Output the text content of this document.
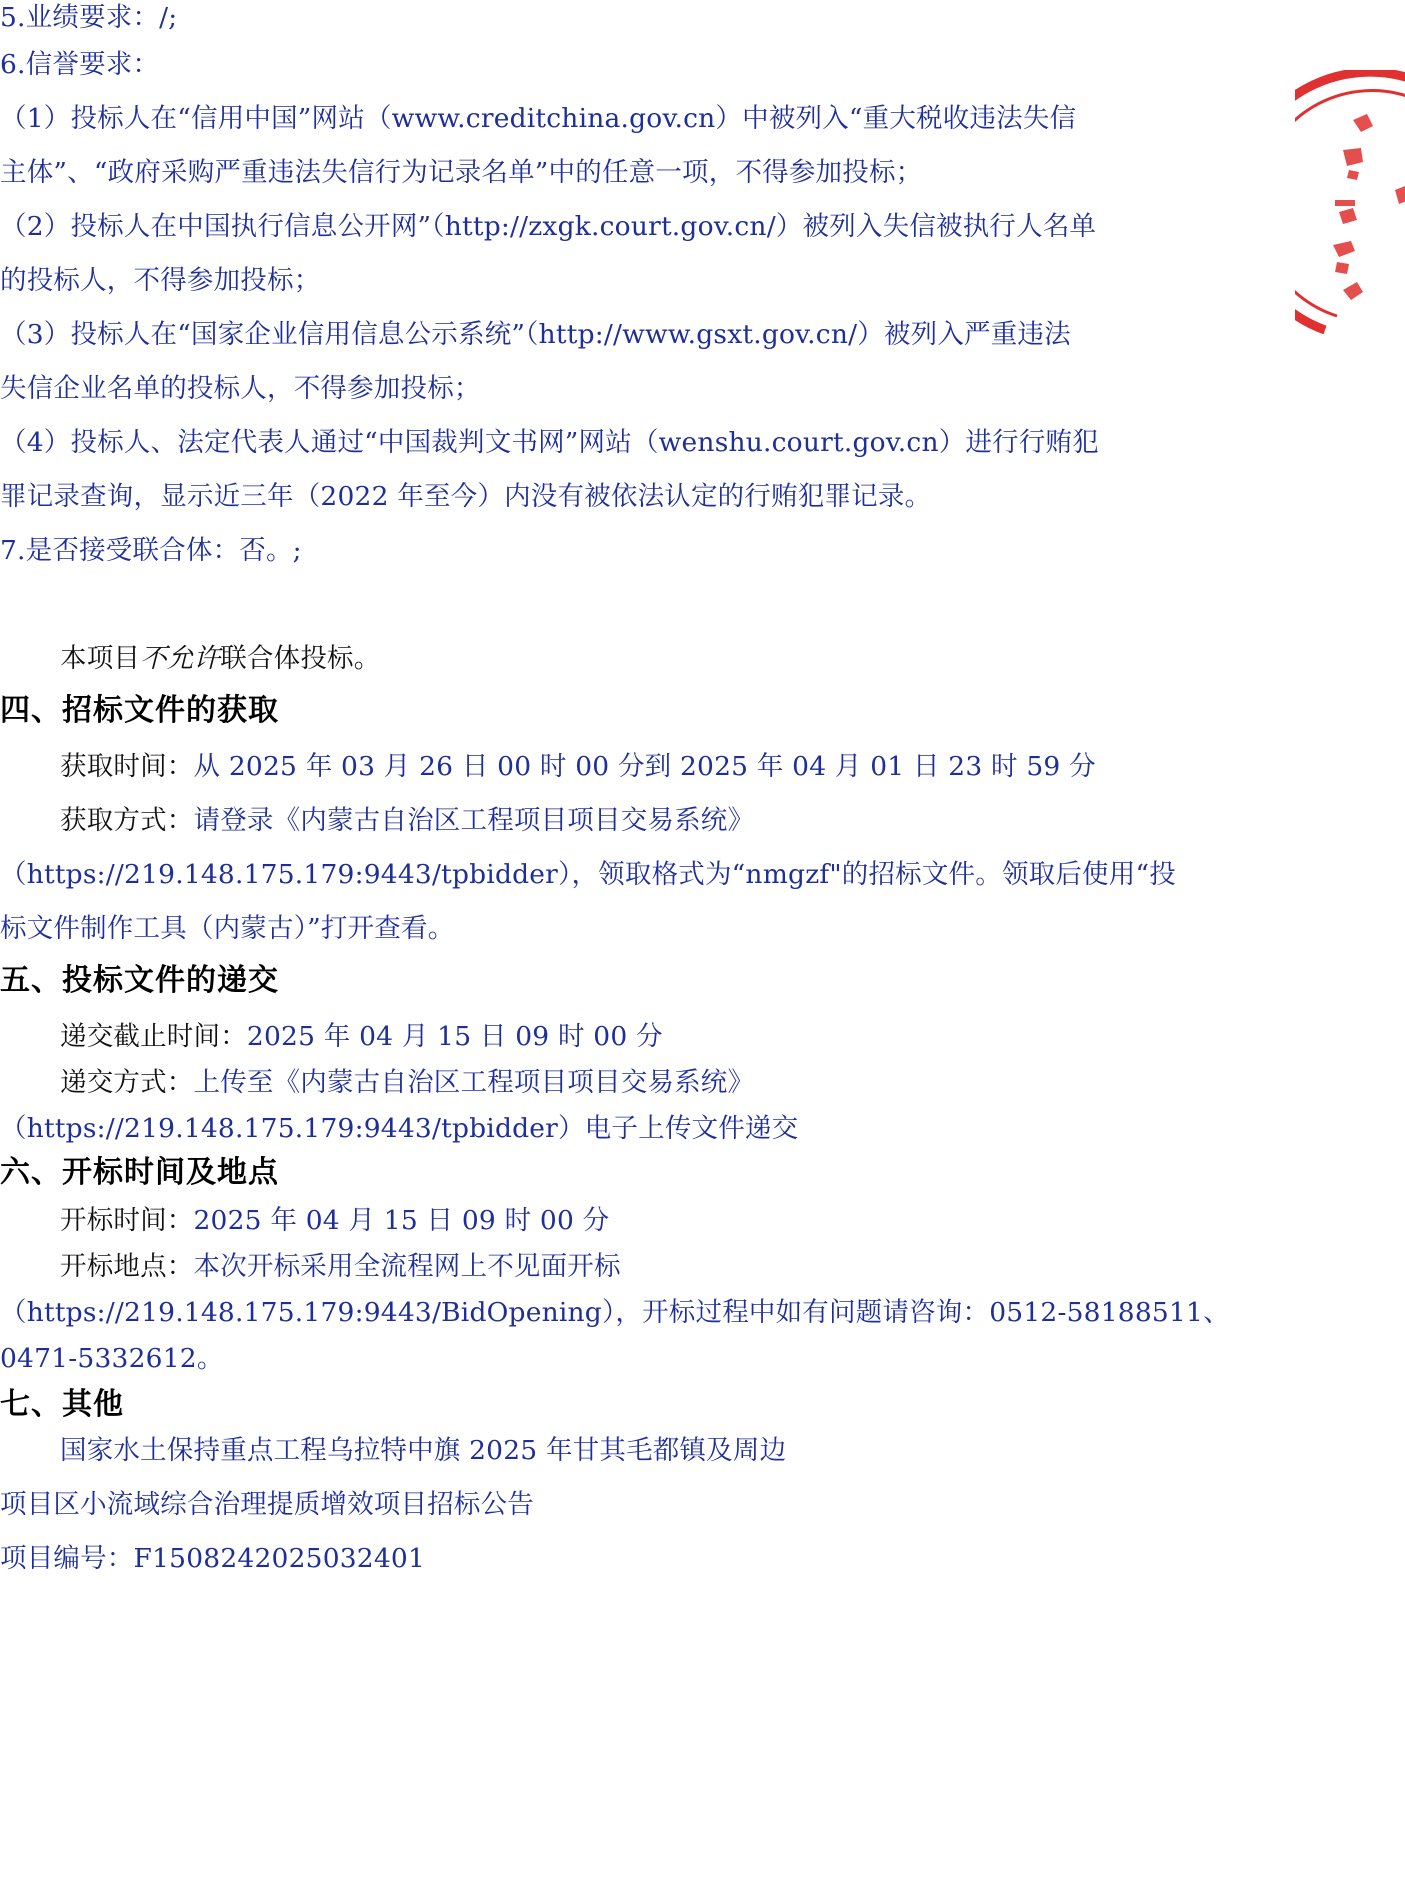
5.业绩要求：/;
6.信誉要求：
（1）投标人在“信用中国”网站（www.creditchina.gov.cn）中被列入“重大税收违法失信
主体”、“政府采购严重违法失信行为记录名单”中的任意一项，不得参加投标；
（2）投标人在中国执行信息公开网”（http://zxgk.court.gov.cn/）被列入失信被执行人名单
的投标人，不得参加投标；
（3）投标人在“国家企业信用信息公示系统”（http://www.gsxt.gov.cn/）被列入严重违法
失信企业名单的投标人，不得参加投标；
（4）投标人、法定代表人通过“中国裁判文书网”网站（wenshu.court.gov.cn）进行行贿犯
罪记录查询，显示近三年（2022 年至今）内没有被依法认定的行贿犯罪记录。
7.是否接受联合体：否。;
本项目不允许联合体投标。
四、招标文件的获取
获取时间：从 2025 年 03 月 26 日 00 时 00 分到 2025 年 04 月 01 日 23 时 59 分
获取方式：请登录《内蒙古自治区工程项目项目交易系统》
（https://219.148.175.179:9443/tpbidder），领取格式为“nmgzf"的招标文件。领取后使用“投
标文件制作工具（内蒙古）”打开查看。
五、投标文件的递交
递交截止时间：2025 年 04 月 15 日 09 时 00 分
递交方式：上传至《内蒙古自治区工程项目项目交易系统》
（https://219.148.175.179:9443/tpbidder）电子上传文件递交
六、开标时间及地点
开标时间：2025 年 04 月 15 日 09 时 00 分
开标地点：本次开标采用全流程网上不见面开标
（https://219.148.175.179:9443/BidOpening），开标过程中如有问题请咨询：0512-58188511、
0471-5332612。
七、其他
国家水土保持重点工程乌拉特中旗 2025 年甘其毛都镇及周边
项目区小流域综合治理提质增效项目招标公告
项目编号：F1508242025032401
